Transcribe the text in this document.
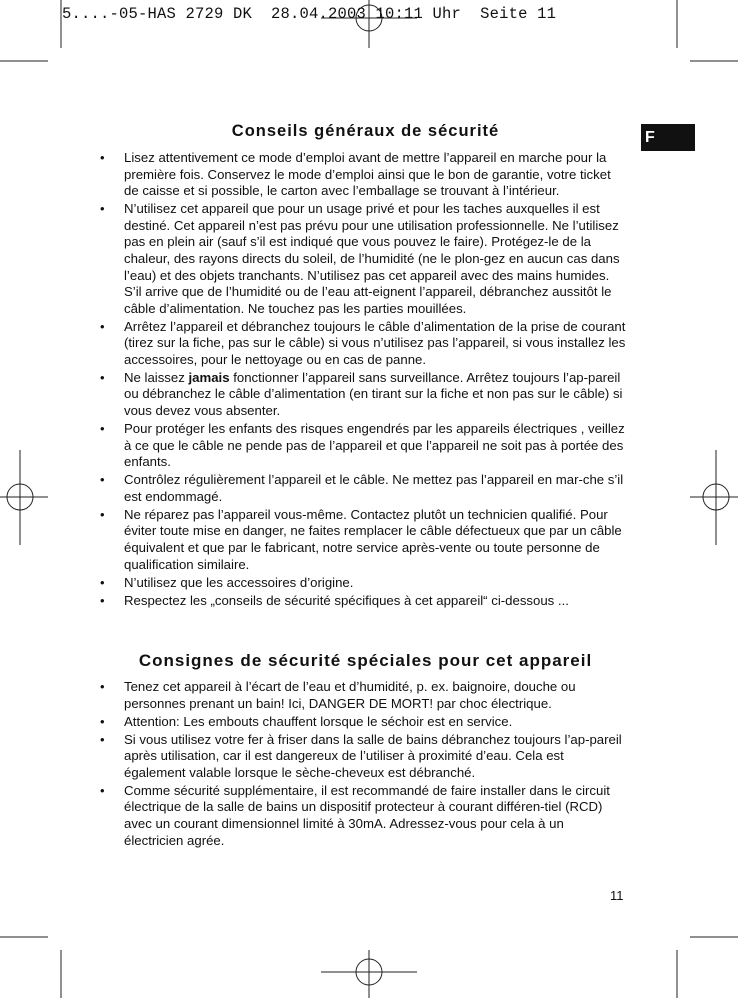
5....-05-HAS 2729 DK  28.04.2003 10:11 Uhr  Seite 11
F
Conseils généraux de sécurité
• Lisez attentivement ce mode d’emploi avant de mettre l’appareil en marche pour la première fois. Conservez le mode d’emploi ainsi que le bon de garantie, votre ticket de caisse et si possible, le carton avec l’emballage se trouvant à l’intérieur.
• N’utilisez cet appareil que pour un usage privé et pour les taches auxquelles il est destiné. Cet appareil n’est pas prévu pour une utilisation professionnelle. Ne l’utilisez pas en plein air (sauf s’il est indiqué que vous pouvez le faire). Protégez-le de la chaleur, des rayons directs du soleil, de l’humidité (ne le plon-gez en aucun cas dans l’eau) et des objets tranchants. N’utilisez pas cet appareil avec des mains humides. S’il arrive que de l’humidité ou de l’eau att-eignent l’appareil, débranchez aussitôt le câble d’alimentation. Ne touchez pas les parties mouillées.
• Arrêtez l’appareil et débranchez toujours le câble d’alimentation de la prise de courant (tirez sur la fiche, pas sur le câble) si vous n’utilisez pas l’appareil, si vous installez les accessoires, pour le nettoyage ou en cas de panne.
• Ne laissez jamais fonctionner l’appareil sans surveillance. Arrêtez toujours l’ap-pareil ou débranchez le câble d’alimentation (en tirant sur la fiche et non pas sur le câble) si vous devez vous absenter.
• Pour protéger les enfants des risques engendrés par les appareils électriques , veillez à ce que le câble ne pende pas de l’appareil et que l’appareil ne soit pas à portée des enfants.
• Contrôlez régulièrement l’appareil et le câble. Ne mettez pas l’appareil en mar-che s’il est endommagé.
• Ne réparez pas l’appareil vous-même. Contactez plutôt un technicien qualifié. Pour éviter toute mise en danger, ne faites remplacer le câble défectueux que par un câble équivalent et que par le fabricant, notre service après-vente ou toute personne de qualification similaire.
• N’utilisez que les accessoires d’origine.
• Respectez les „conseils de sécurité spécifiques à cet appareil“ ci-dessous ...
Consignes de sécurité spéciales pour cet appareil
• Tenez cet appareil à l’écart de l’eau et d’humidité, p. ex. baignoire, douche ou personnes prenant un bain! Ici, DANGER DE MORT! par choc électrique.
• Attention: Les embouts chauffent lorsque le séchoir est en service.
• Si vous utilisez votre fer à friser dans la salle de bains débranchez toujours l’ap-pareil après utilisation, car il est dangereux de l’utiliser à proximité d’eau. Cela est également valable lorsque le sèche-cheveux est débranché.
• Comme sécurité supplémentaire, il est recommandé de faire installer dans le circuit électrique de la salle de bains un dispositif protecteur à courant différen-tiel (RCD) avec un courant dimensionnel limité à 30mA. Adressez-vous pour cela à un électricien agrée.
11
